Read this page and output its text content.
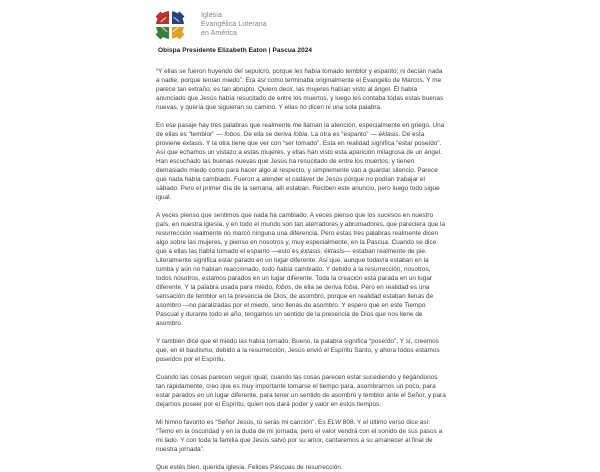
Iglesia
Evangélica Luterana
en América
Obispa Presidente Elizabeth Eaton | Pascua 2024

“Y ellas se fueron huyendo del sepulcro, porque les había tomado temblor y espanto; ni decían nada a nadie, porque tenían miedo”. Era así como terminaba originalmente el Evangelio de Marcos. Y me parece tan extraño; es tan abrupto. Quiero decir, las mujeres habían visto al ángel. Él había anunciado que Jesús había resucitado de entre los muertos, y luego les contaba todas estas buenas nuevas, y quería que siguieran su camino. Y ellas no dicen ni una sola palabra.

En ese pasaje hay tres palabras que realmente me llaman la atención, especialmente en griego. Una de ellas es “temblor” — fobos. De ella se deriva fobia. La otra es “espanto” — éktasis. De esta proviene éxtasis. Y la otra tiene que ver con “ser tomado”. Esta en realidad significa “estar poseído”. Así que echamos un vistazo a estas mujeres, y ellas han visto esta aparición milagrosa de un ángel. Han escuchado las buenas nuevas que Jesús ha resucitado de entre los muertos, y tienen demasiado miedo como para hacer algo al respecto, y simplemente van a guardar silencio. Parece que nada había cambiado. Fueron a atender el cadáver de Jesús porque no podían trabajar el sábado. Pero el primer día de la semana, allí estaban. Reciben este anuncio, pero luego todo sigue igual.

A veces pienso que sentimos que nada ha cambiado. A veces pienso que los sucesos en nuestro país, en nuestra iglesia, y en todo el mundo son tan aterradores y abrumadores, que pareciera que la resurrección realmente no marcó ninguna una diferencia. Pero estas tres palabras realmente dicen algo sobre las mujeres, y pienso en nosotros y, muy especialmente, en la Pascua. Cuando se dice que a ellas las había tomado el espanto —esto es éxtasis, éktasis— estaban realmente de pie. Literalmente significa estar parado en un lugar diferente. Así que, aunque todavía estaban en la tumba y aún no habían reaccionado, todo había cambiado. Y debido a la resurrección, nosotros, todos nosotros, estamos parados en un lugar diferente. Toda la creación está parada en un lugar diferente. Y la palabra usada para miedo, fobos, de ella se deriva fobia. Pero en realidad es una sensación de temblor en la presencia de Dios; de asombro, porque en realidad estaban llenas de asombro —no paralizadas por el miedo, sino llenas de asombro. Y espero que en este Tiempo Pascual y durante todo el año, tengamos un sentido de la presencia de Dios que nos llene de asombro.

Y también dice que el miedo las había tomado. Bueno, la palabra significa “poseído”. Y sí, creemos que, en el bautismo, debido a la resurrección, Jesús envió el Espíritu Santo, y ahora todos estamos poseídos por el Espíritu.

Cuando las cosas parecen seguir igual, cuando las cosas parecen estar sucediendo y llegándonos tan rápidamente, creo que es muy importante tomarse el tiempo para, asombrarnos un poco, para estar parados en un lugar diferente, para tener un sentido de asombro y temblor ante el Señor, y para dejarnos poseer por el Espíritu, quien nos dará poder y valor en estos tiempos.

Mi himno favorito es “Señor Jesús, tú serás mi canción”. Es ELW 808. Y el último verso dice así: “Temo en la oscuridad y en la duda de mi jornada, pero el valor vendrá con el sonido de sus pasos a mi lado. Y con toda la familia que Jesús salvó por su amor, cantaremos a su amanecer al final de nuestra jornada”.

Que estés bien, querida iglesia. Felices Pascuas de resurrección.
